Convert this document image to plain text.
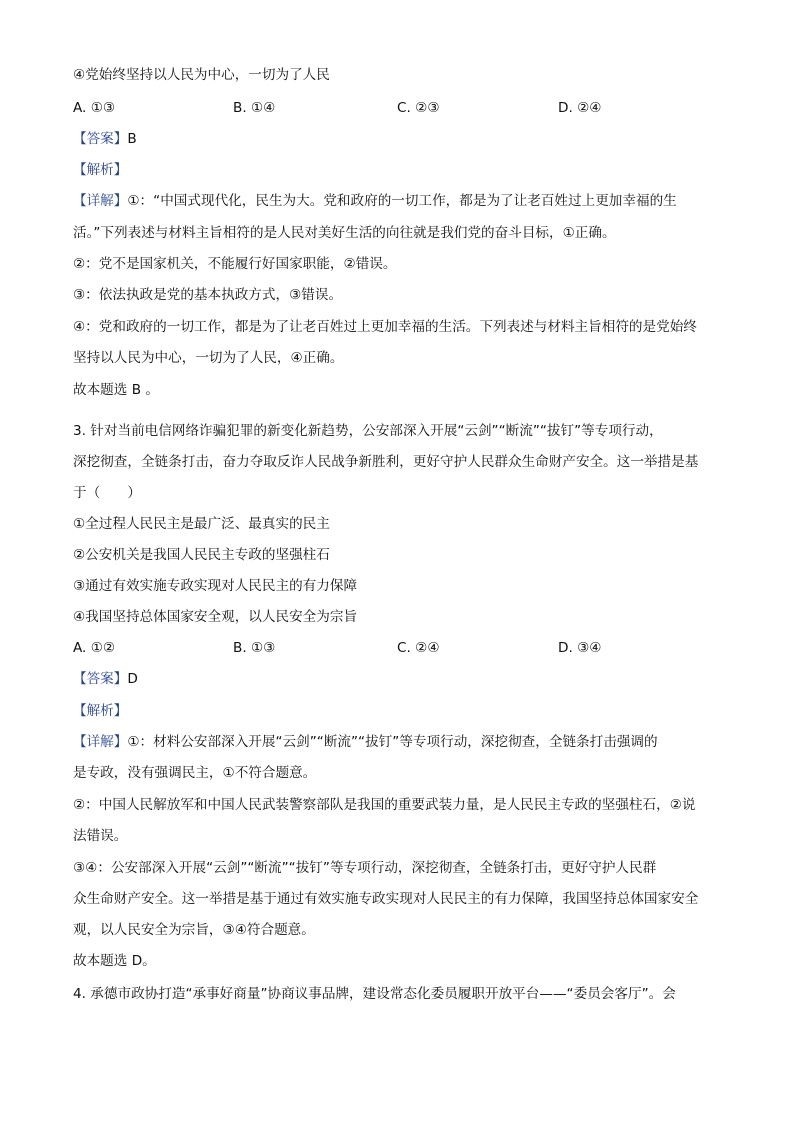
④党始终坚持以人民为中心，一切为了人民
A. ①③	B. ①④	C. ②③	D. ②④
【答案】B
【解析】
【详解】①：“中国式现代化，民生为大。党和政府的一切工作，都是为了让老百姓过上更加幸福的生
活。”下列表述与材料主旨相符的是人民对美好生活的向往就是我们党的奋斗目标，①正确。
②：党不是国家机关，不能履行好国家职能，②错误。
③：依法执政是党的基本执政方式，③错误。
④：党和政府的一切工作，都是为了让老百姓过上更加幸福的生活。下列表述与材料主旨相符的是党始终
坚持以人民为中心，一切为了人民，④正确。
故本题选 B 。
3. 针对当前电信网络诈骗犯罪的新变化新趋势，公安部深入开展“云剑”“断流”“拔钉”等专项行动，
深挖彻查，全链条打击，奋力夺取反诈人民战争新胜利，更好守护人民群众生命财产安全。这一举措是基
于（　　）
①全过程人民民主是最广泛、最真实的民主
②公安机关是我国人民民主专政的坚强柱石
③通过有效实施专政实现对人民民主的有力保障
④我国坚持总体国家安全观，以人民安全为宗旨
A. ①②	B. ①③	C. ②④	D. ③④
【答案】D
【解析】
【详解】①：材料公安部深入开展“云剑”“断流”“拔钉”等专项行动，深挖彻查，全链条打击强调的
是专政，没有强调民主，①不符合题意。
②：中国人民解放军和中国人民武装警察部队是我国的重要武装力量，是人民民主专政的坚强柱石，②说
法错误。
③④：公安部深入开展“云剑”“断流”“拔钉”等专项行动，深挖彻查，全链条打击，更好守护人民群
众生命财产安全。这一举措是基于通过有效实施专政实现对人民民主的有力保障，我国坚持总体国家安全
观，以人民安全为宗旨，③④符合题意。
故本题选 D。
4. 承德市政协打造“承事好商量”协商议事品牌，建设常态化委员履职开放平台——“委员会客厅”。会
